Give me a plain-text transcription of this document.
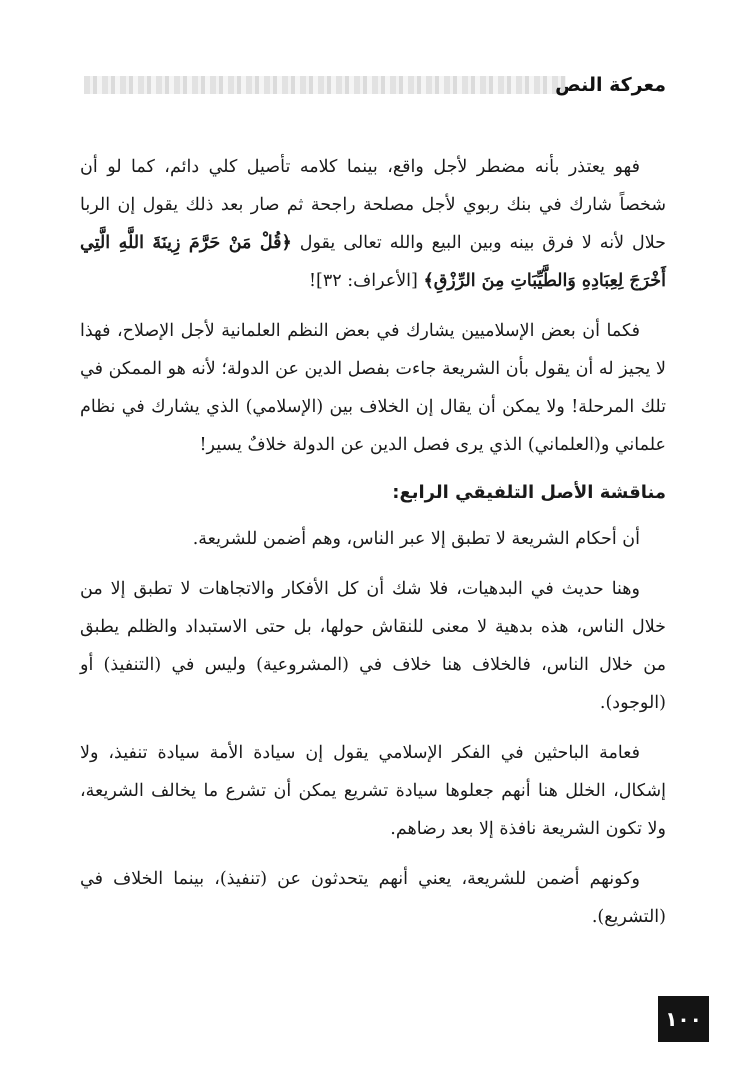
معركة النص

فهو يعتذر بأنه مضطر لأجل واقع، بينما كلامه تأصيل كلي دائم، كما لو أن شخصاً شارك في بنك ربوي لأجل مصلحة راجحة ثم صار بعد ذلك يقول إن الربا حلال لأنه لا فرق بينه وبين البيع والله تعالى يقول ﴿قُلْ مَنْ حَرَّمَ زِينَةَ اللَّهِ الَّتِي أَخْرَجَ لِعِبَادِهِ وَالطَّيِّبَاتِ مِنَ الرِّزْقِ﴾ [الأعراف: ٣٢]!

فكما أن بعض الإسلاميين يشارك في بعض النظم العلمانية لأجل الإصلاح، فهذا لا يجيز له أن يقول بأن الشريعة جاءت بفصل الدين عن الدولة؛ لأنه هو الممكن في تلك المرحلة! ولا يمكن أن يقال إن الخلاف بين (الإسلامي) الذي يشارك في نظام علماني و(العلماني) الذي يرى فصل الدين عن الدولة خلافٌ يسير!

مناقشة الأصل التلفيقي الرابع:

أن أحكام الشريعة لا تطبق إلا عبر الناس، وهم أضمن للشريعة.

وهنا حديث في البدهيات، فلا شك أن كل الأفكار والاتجاهات لا تطبق إلا من خلال الناس، هذه بدهية لا معنى للنقاش حولها، بل حتى الاستبداد والظلم يطبق من خلال الناس، فالخلاف هنا خلاف في (المشروعية) وليس في (التنفيذ) أو (الوجود).

فعامة الباحثين في الفكر الإسلامي يقول إن سيادة الأمة سيادة تنفيذ، ولا إشكال، الخلل هنا أنهم جعلوها سيادة تشريع يمكن أن تشرع ما يخالف الشريعة، ولا تكون الشريعة نافذة إلا بعد رضاهم.

وكونهم أضمن للشريعة، يعني أنهم يتحدثون عن (تنفيذ)، بينما الخلاف في (التشريع).

١٠٠
